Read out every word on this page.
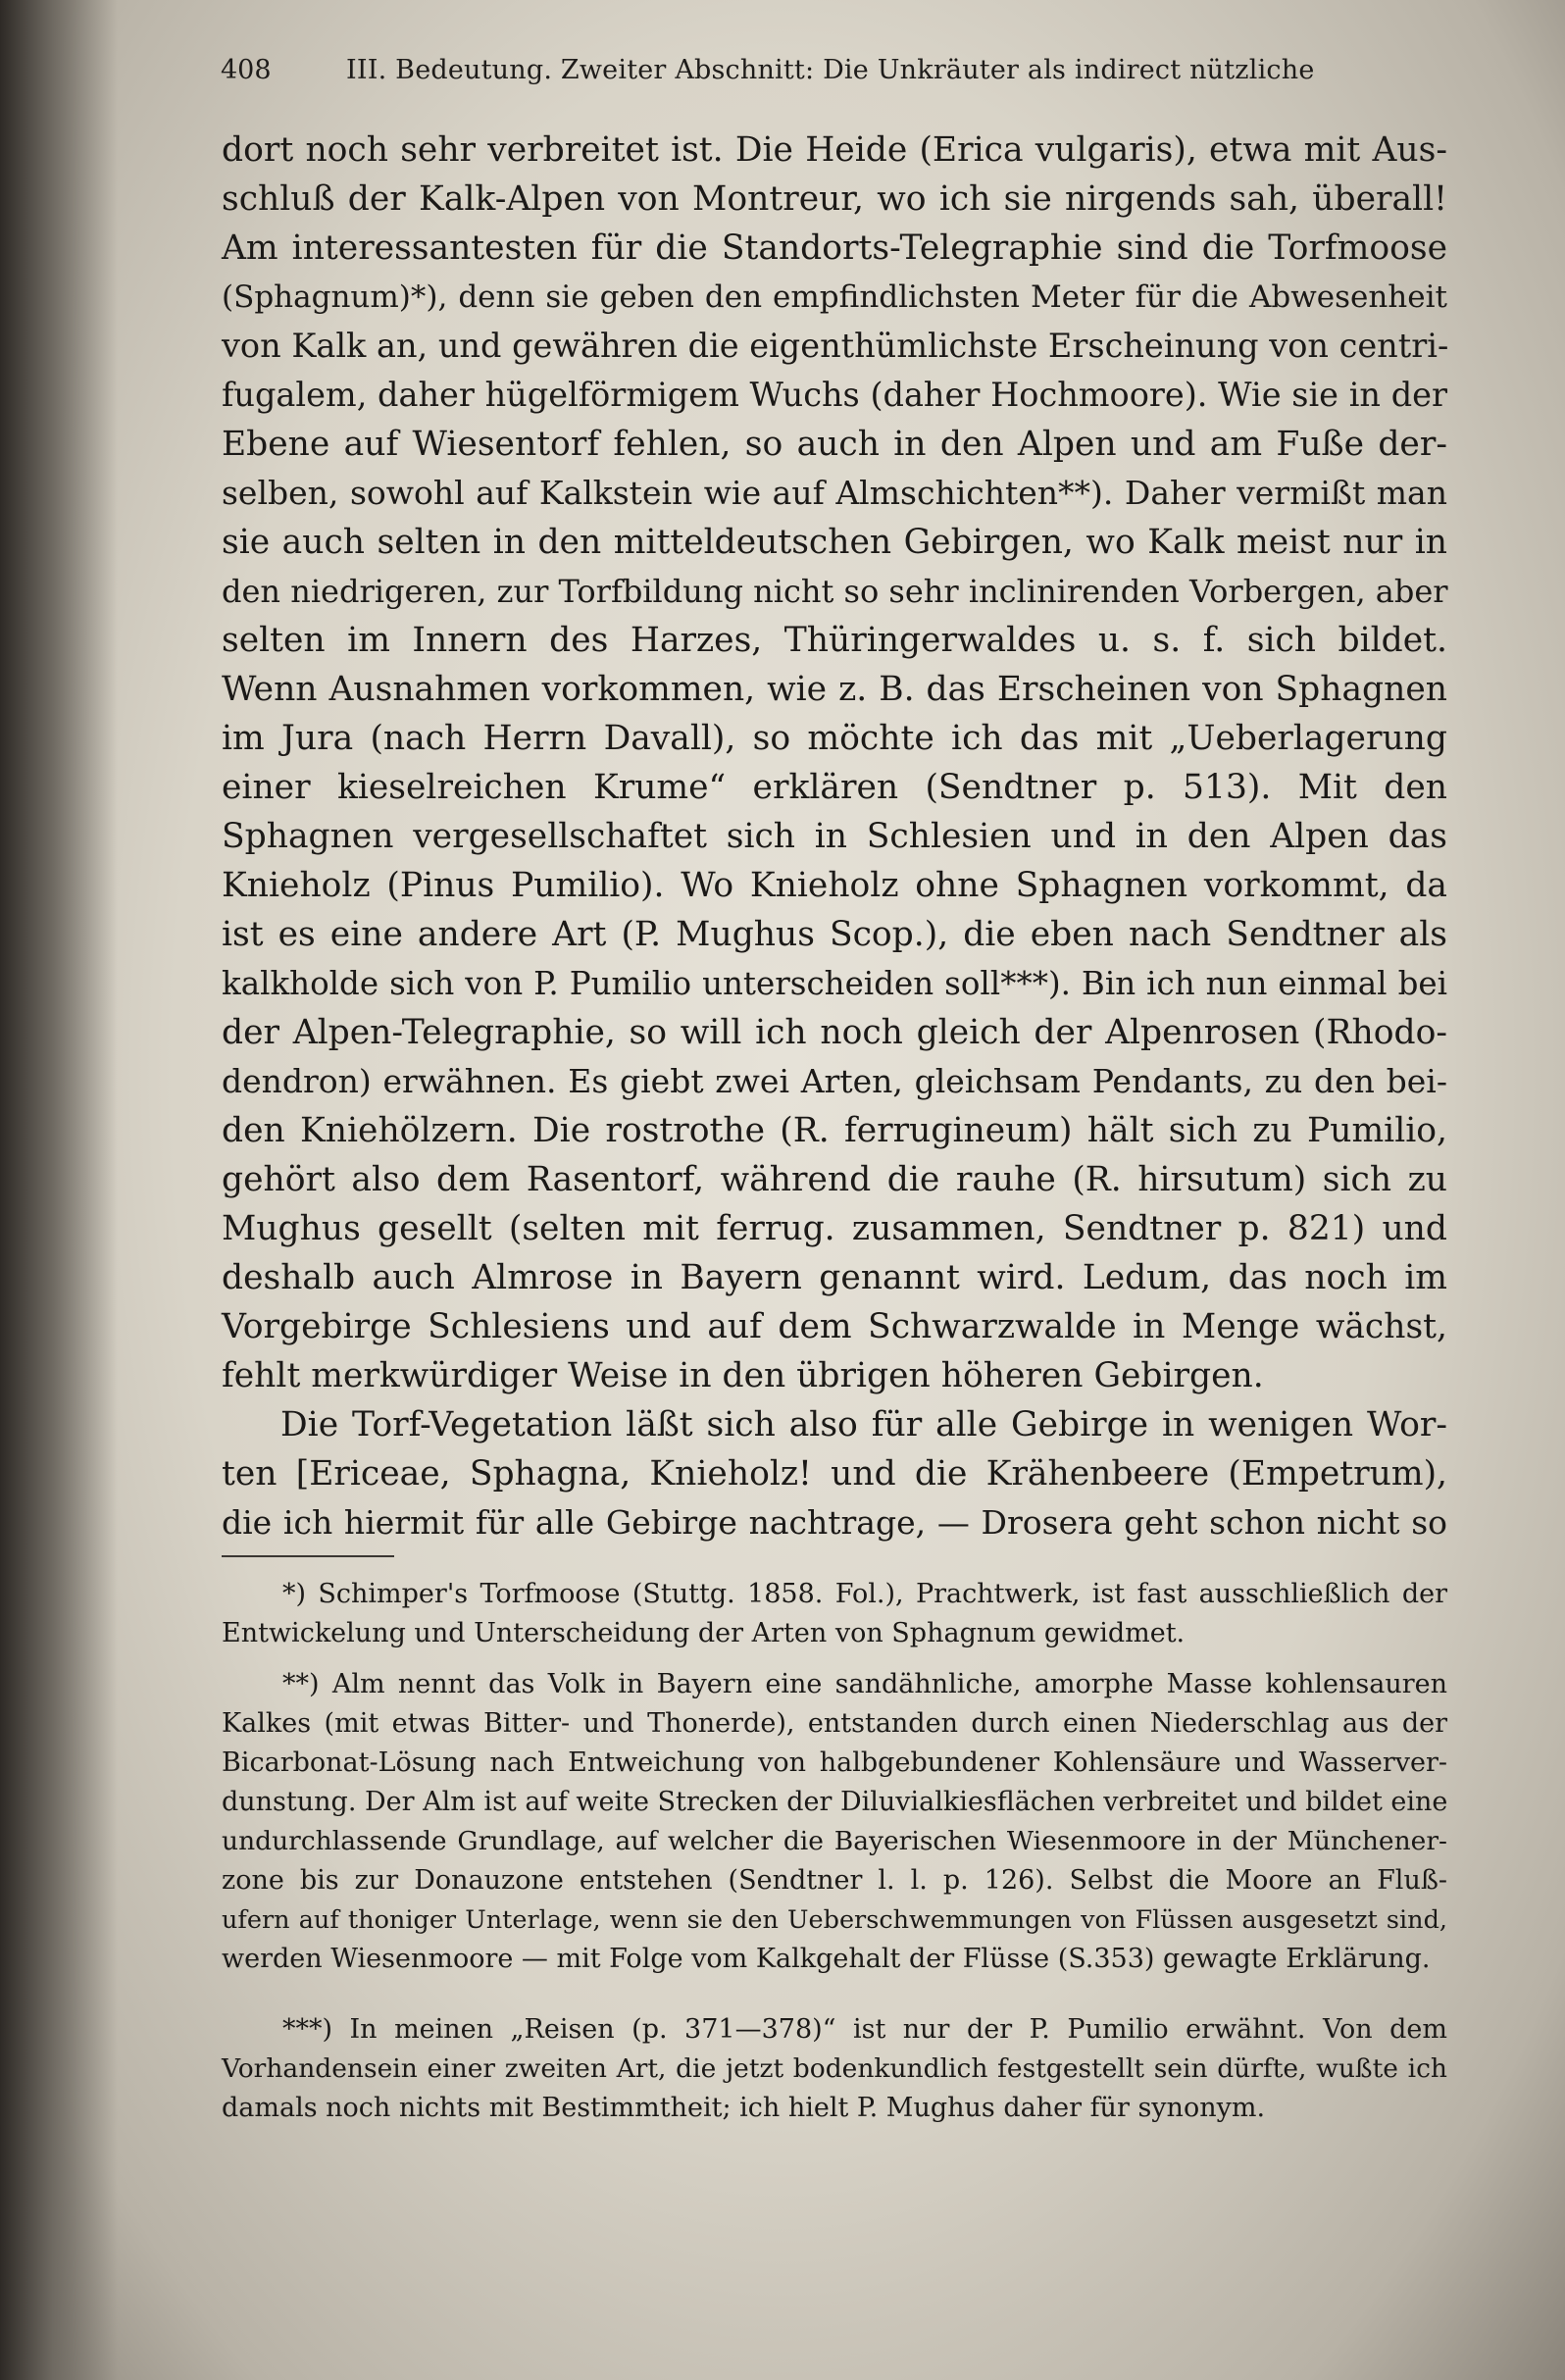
408	III. Bedeutung. Zweiter Abschnitt: Die Unkräuter als indirect nützliche
dort noch sehr verbreitet ist. Die Heide (Erica vulgaris), etwa mit Aus-
schluß der Kalk-Alpen von Montreur, wo ich sie nirgends sah, überall!
Am interessantesten für die Standorts-Telegraphie sind die Torfmoose
(Sphagnum)*), denn sie geben den empfindlichsten Meter für die Abwesenheit
von Kalk an, und gewähren die eigenthümlichste Erscheinung von centri-
fugalem, daher hügelförmigem Wuchs (daher Hochmoore). Wie sie in der
Ebene auf Wiesentorf fehlen, so auch in den Alpen und am Fuße der-
selben, sowohl auf Kalkstein wie auf Almschichten**). Daher vermißt man
sie auch selten in den mitteldeutschen Gebirgen, wo Kalk meist nur in
den niedrigeren, zur Torfbildung nicht so sehr inclinirenden Vorbergen, aber
selten im Innern des Harzes, Thüringerwaldes u. s. f. sich bildet.
Wenn Ausnahmen vorkommen, wie z. B. das Erscheinen von Sphagnen
im Jura (nach Herrn Davall), so möchte ich das mit „Ueberlagerung
einer kieselreichen Krume“ erklären (Sendtner p. 513). Mit den
Sphagnen vergesellschaftet sich in Schlesien und in den Alpen das
Knieholz (Pinus Pumilio). Wo Knieholz ohne Sphagnen vorkommt, da
ist es eine andere Art (P. Mughus Scop.), die eben nach Sendtner als
kalkholde sich von P. Pumilio unterscheiden soll***). Bin ich nun einmal bei
der Alpen-Telegraphie, so will ich noch gleich der Alpenrosen (Rhodo-
dendron) erwähnen. Es giebt zwei Arten, gleichsam Pendants, zu den bei-
den Kniehölzern. Die rostrothe (R. ferrugineum) hält sich zu Pumilio,
gehört also dem Rasentorf, während die rauhe (R. hirsutum) sich zu
Mughus gesellt (selten mit ferrug. zusammen, Sendtner p. 821) und
deshalb auch Almrose in Bayern genannt wird. Ledum, das noch im
Vorgebirge Schlesiens und auf dem Schwarzwalde in Menge wächst,
fehlt merkwürdiger Weise in den übrigen höheren Gebirgen.
Die Torf-Vegetation läßt sich also für alle Gebirge in wenigen Wor-
ten [Ericeae, Sphagna, Knieholz! und die Krähenbeere (Empetrum),
die ich hiermit für alle Gebirge nachtrage, — Drosera geht schon nicht so
*) Schimper's Torfmoose (Stuttg. 1858. Fol.), Prachtwerk, ist fast ausschließlich der
Entwickelung und Unterscheidung der Arten von Sphagnum gewidmet.
**) Alm nennt das Volk in Bayern eine sandähnliche, amorphe Masse kohlensauren
Kalkes (mit etwas Bitter- und Thonerde), entstanden durch einen Niederschlag aus der
Bicarbonat-Lösung nach Entweichung von halbgebundener Kohlensäure und Wasserver-
dunstung. Der Alm ist auf weite Strecken der Diluvialkiesflächen verbreitet und bildet eine
undurchlassende Grundlage, auf welcher die Bayerischen Wiesenmoore in der Münchener-
zone bis zur Donauzone entstehen (Sendtner l. l. p. 126). Selbst die Moore an Fluß-
ufern auf thoniger Unterlage, wenn sie den Ueberschwemmungen von Flüssen ausgesetzt sind,
werden Wiesenmoore — mit Folge vom Kalkgehalt der Flüsse (S.353) gewagte Erklärung.
***) In meinen „Reisen (p. 371—378)“ ist nur der P. Pumilio erwähnt. Von dem
Vorhandensein einer zweiten Art, die jetzt bodenkundlich festgestellt sein dürfte, wußte ich
damals noch nichts mit Bestimmtheit; ich hielt P. Mughus daher für synonym.
